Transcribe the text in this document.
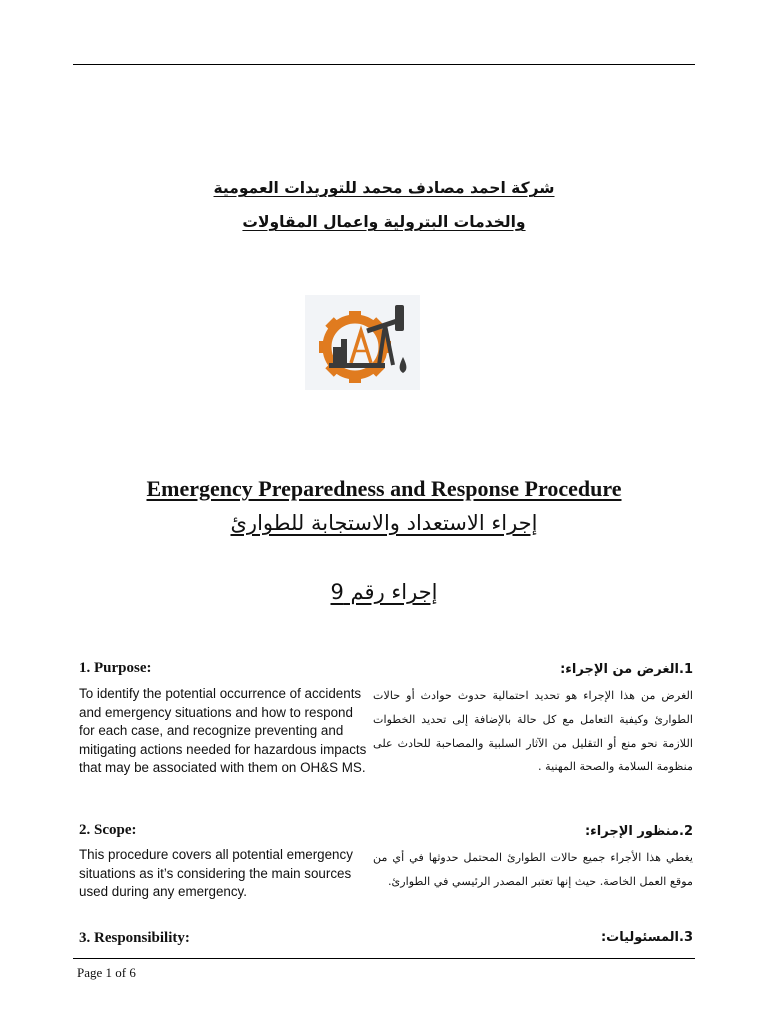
شركة احمد مصادف محمد للتوريدات العمومية
والخدمات البترولية واعمال المقاولات
Emergency Preparedness and Response Procedure
إجراء الاستعداد والاستجابة للطوارئ
إجراء رقم 9
1. Purpose:

To identify the potential occurrence of accidents and emergency situations and how to respond for each case, and recognize preventing and mitigating actions needed for hazardous impacts that may be associated with them on OH&S MS.

1.الغرض من الإجراء:

الغرض من هذا الإجراء هو تحديد احتمالية حدوث حوادث أو حالات الطوارئ وكيفية التعامل مع كل حالة بالإضافة إلى تحديد الخطوات اللازمة نحو منع أو التقليل من الآثار السلبية والمصاحبة للحادث على منظومة السلامة والصحة المهنية .

2. Scope:

This procedure covers all potential emergency situations as it’s considering the main sources used during any emergency.

2.منظور الإجراء:

يغطي هذا الأجراء جميع حالات الطوارئ المحتمل حدوثها في أي من موقع العمل الخاصة. حيث إنها تعتبر المصدر الرئيسي في الطوارئ.

3. Responsibility:	3.المسئوليات:
Page 1 of 6
